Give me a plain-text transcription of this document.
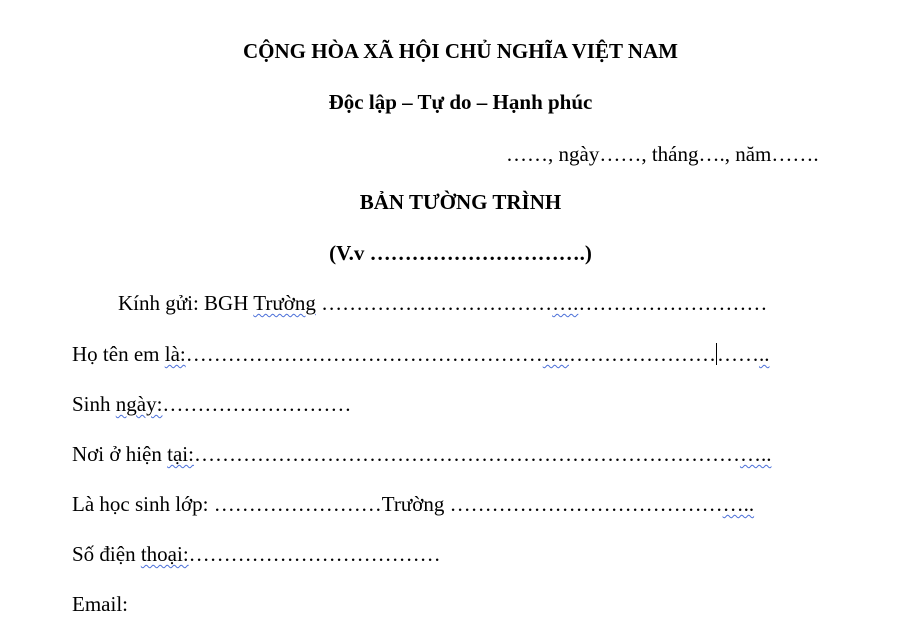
CỘNG HÒA XÃ HỘI CHỦ NGHĨA VIỆT NAM
Độc lập – Tự do – Hạnh phúc
……, ngày……, tháng…., năm…….
BẢN TƯỜNG TRÌNH
(V.v ………………………….)
Kính gửi: BGH Trường ……………………………….………………………
Họ tên em là:……………………………………………….………………………..
Sinh ngày:………………………
Nơi ở hiện tại:………………………………………………………………………..
Là học sinh lớp: ……………………Trường ……………………………………..
Số điện thoại:………………………………
Email:
